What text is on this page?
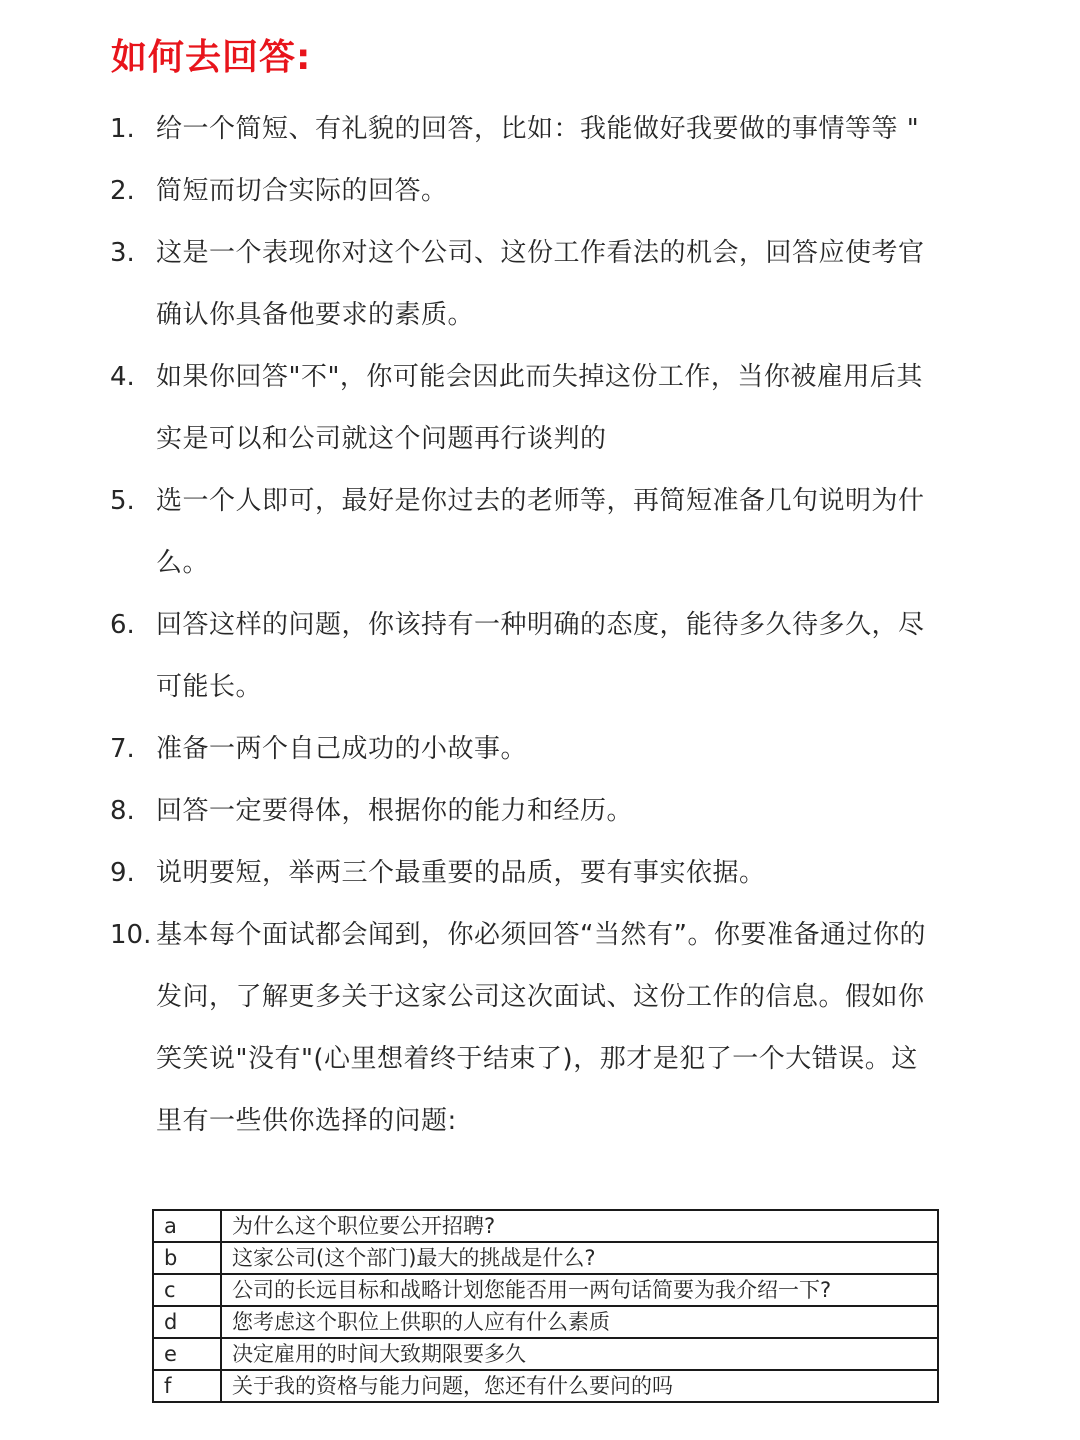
如何去回答:
1. 给一个简短、有礼貌的回答，比如：我能做好我要做的事情等等 "
2. 简短而切合实际的回答。
3. 这是一个表现你对这个公司、这份工作看法的机会，回答应使考官确认你具备他要求的素质。
4. 如果你回答"不"，你可能会因此而失掉这份工作，当你被雇用后其实是可以和公司就这个问题再行谈判的
5. 选一个人即可，最好是你过去的老师等，再简短准备几句说明为什么。
6. 回答这样的问题，你该持有一种明确的态度，能待多久待多久，尽可能长。
7. 准备一两个自己成功的小故事。
8. 回答一定要得体，根据你的能力和经历。
9. 说明要短，举两三个最重要的品质，要有事实依据。
10. 基本每个面试都会闻到，你必须回答“当然有”。你要准备通过你的发问，了解更多关于这家公司这次面试、这份工作的信息。假如你笑笑说"没有"(心里想着终于结束了)，那才是犯了一个大错误。这里有一些供你选择的问题:
a	为什么这个职位要公开招聘?
b	这家公司(这个部门)最大的挑战是什么?
c	公司的长远目标和战略计划您能否用一两句话简要为我介绍一下?
d	您考虑这个职位上供职的人应有什么素质
e	决定雇用的时间大致期限要多久
f	关于我的资格与能力问题，您还有什么要问的吗
